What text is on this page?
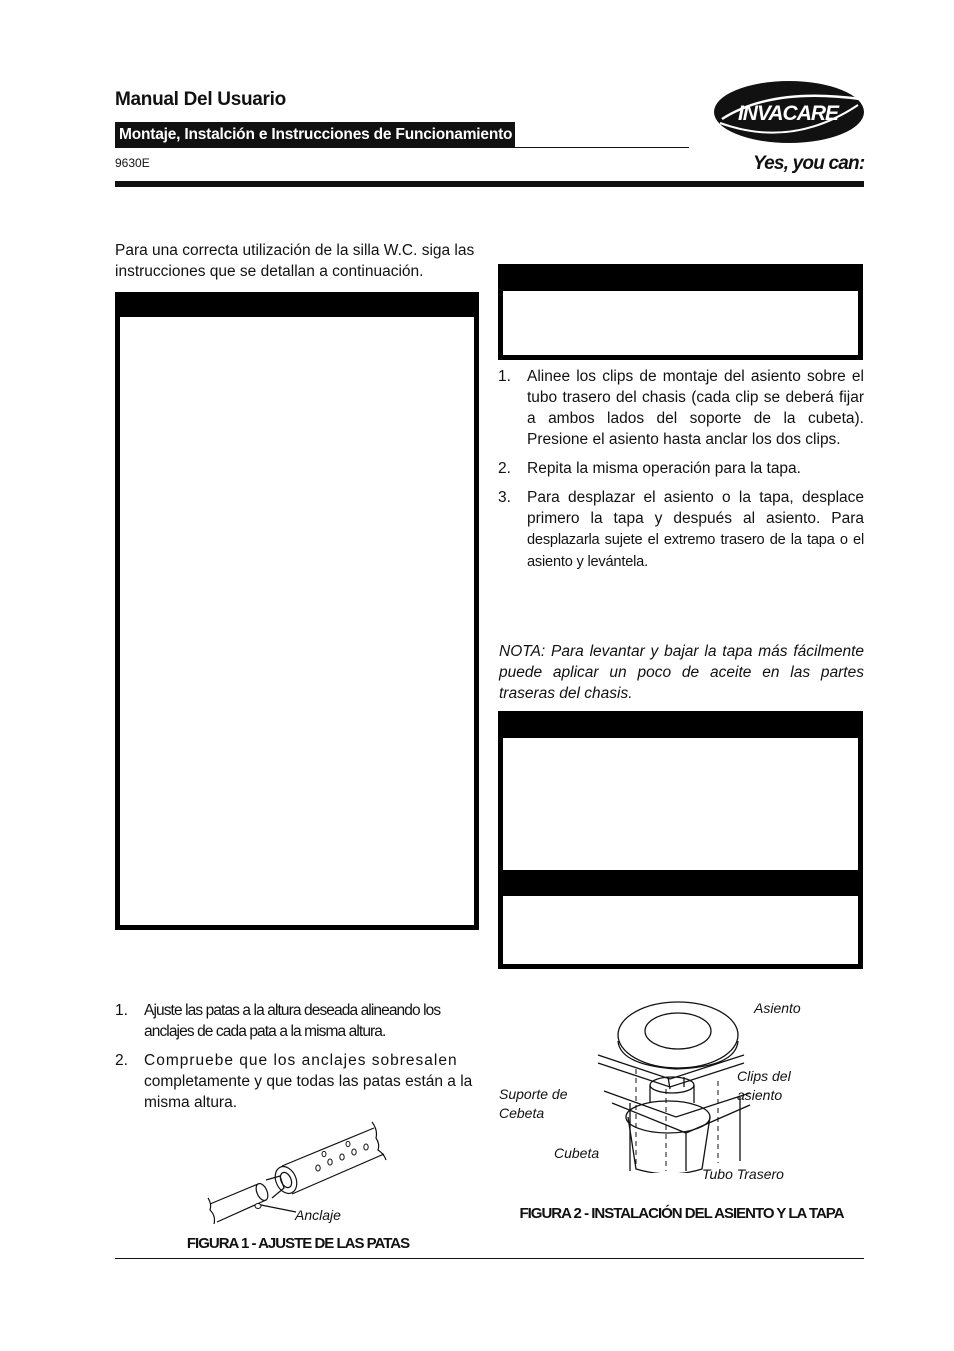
Manual Del Usuario
Montaje, Instalción e Instrucciones de Funcionamiento
9630E
INVACARE
Yes, you can:
Para una correcta utilización de la silla W.C. siga las instrucciones que se detallan a continuación.
1. Alinee los clips de montaje del asiento sobre el tubo trasero del chasis (cada clip se deberá fijar a ambos lados del soporte de la cubeta). Presione el asiento hasta anclar los dos clips.
2. Repita la misma operación para la tapa.
3. Para desplazar el asiento o la tapa, desplace primero la tapa y después al asiento. Para desplazarla sujete el extremo trasero de la tapa o el asiento y levántela.
NOTA: Para levantar y bajar la tapa más fácilmente puede aplicar un poco de aceite en las partes traseras del chasis.
1. Ajuste las patas a la altura deseada alineando los anclajes de cada pata a la misma altura.
2. Compruebe que los anclajes sobresalen completamente y que todas las patas están a la misma altura.
Anclaje
FIGURA 1 - AJUSTE DE LAS PATAS
Asiento
Clips del asiento
Suporte de Cebeta
Cubeta
Tubo Trasero
FIGURA 2 - INSTALACIÓN DEL ASIENTO Y LA TAPA
